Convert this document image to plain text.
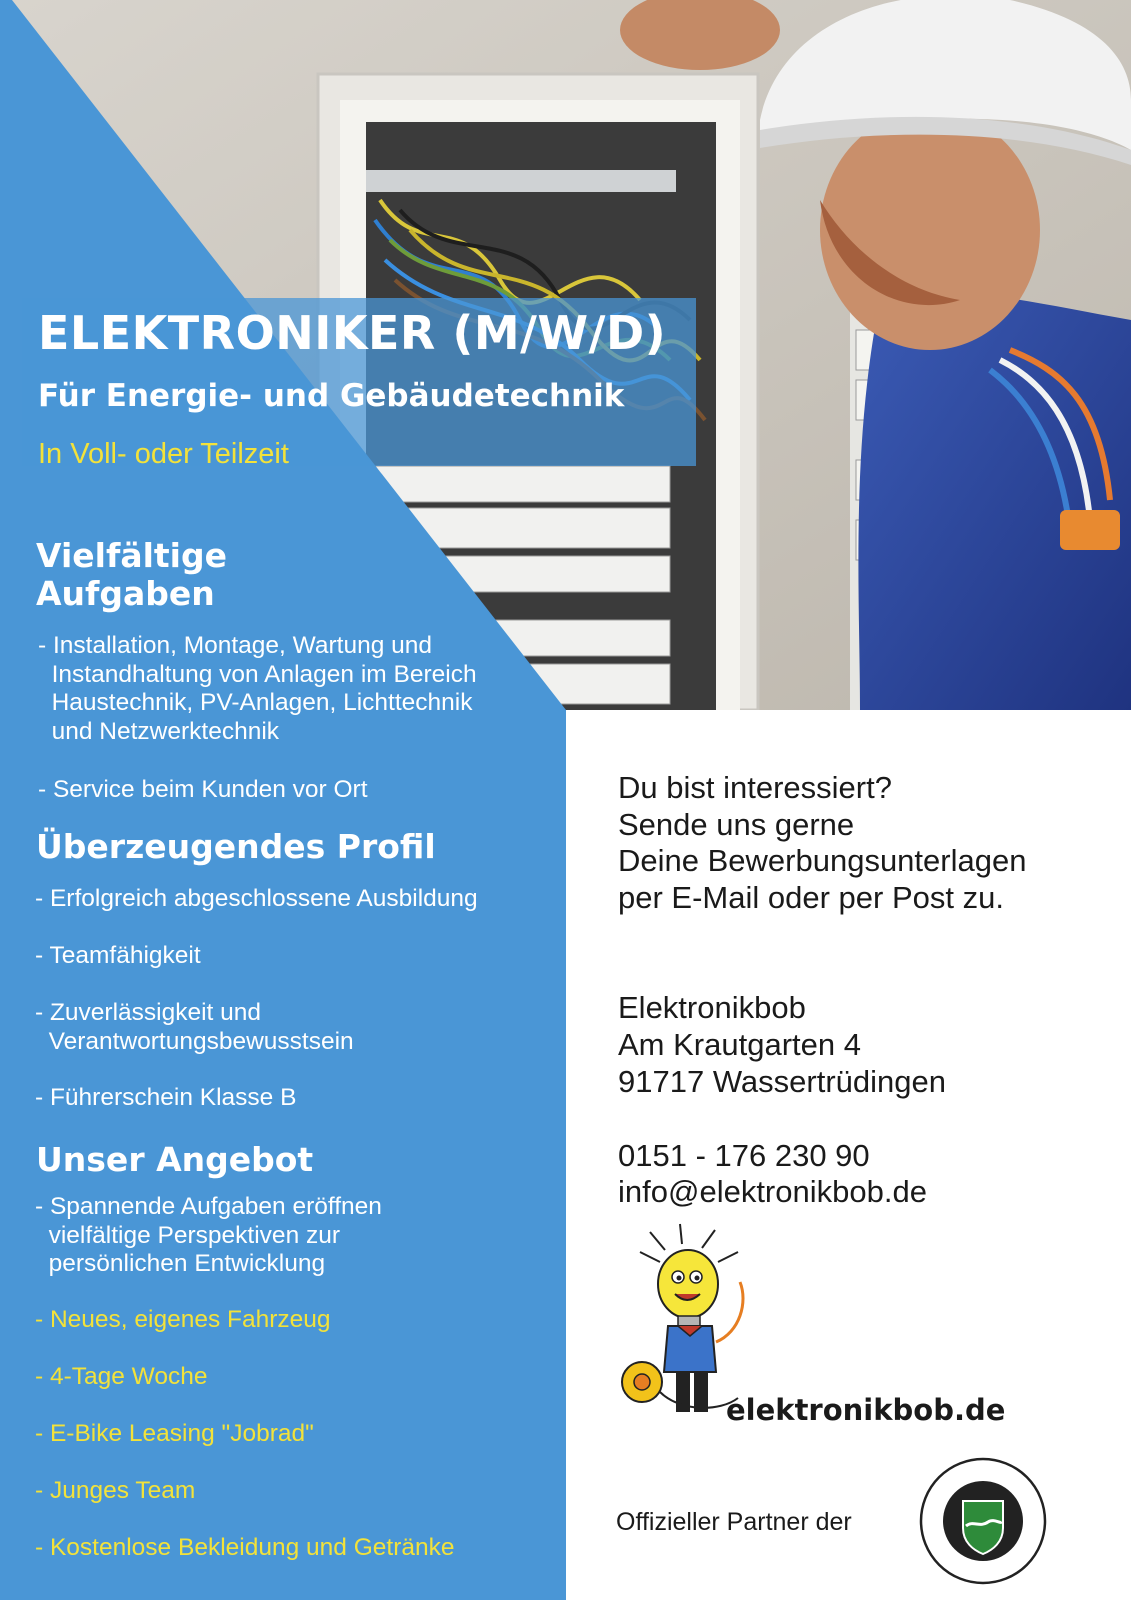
ELEKTRONIKER (M/W/D)
Für Energie- und Gebäudetechnik
In Voll- oder Teilzeit
Vielfältige
Aufgaben
- Installation, Montage, Wartung und
Instandhaltung von Anlagen im Bereich
Haustechnik, PV-Anlagen, Lichttechnik
und Netzwerktechnik
- Service beim Kunden vor Ort
Überzeugendes Profil
- Erfolgreich abgeschlossene Ausbildung
- Teamfähigkeit
- Zuverlässigkeit und
Verantwortungsbewusstsein
- Führerschein Klasse B
Unser Angebot
- Spannende Aufgaben eröffnen
vielfältige Perspektiven zur
persönlichen Entwicklung
- Neues, eigenes Fahrzeug
- 4-Tage Woche
- E-Bike Leasing "Jobrad"
- Junges Team
- Kostenlose Bekleidung und Getränke
Du bist interessiert?
Sende uns gerne
Deine Bewerbungsunterlagen
per E-Mail oder per Post zu.
Elektronikbob
Am Krautgarten 4
91717 Wassertrüdingen
0151 - 176 230 90
info@elektronikbob.de
elektronikbob.de
Offizieller Partner der
